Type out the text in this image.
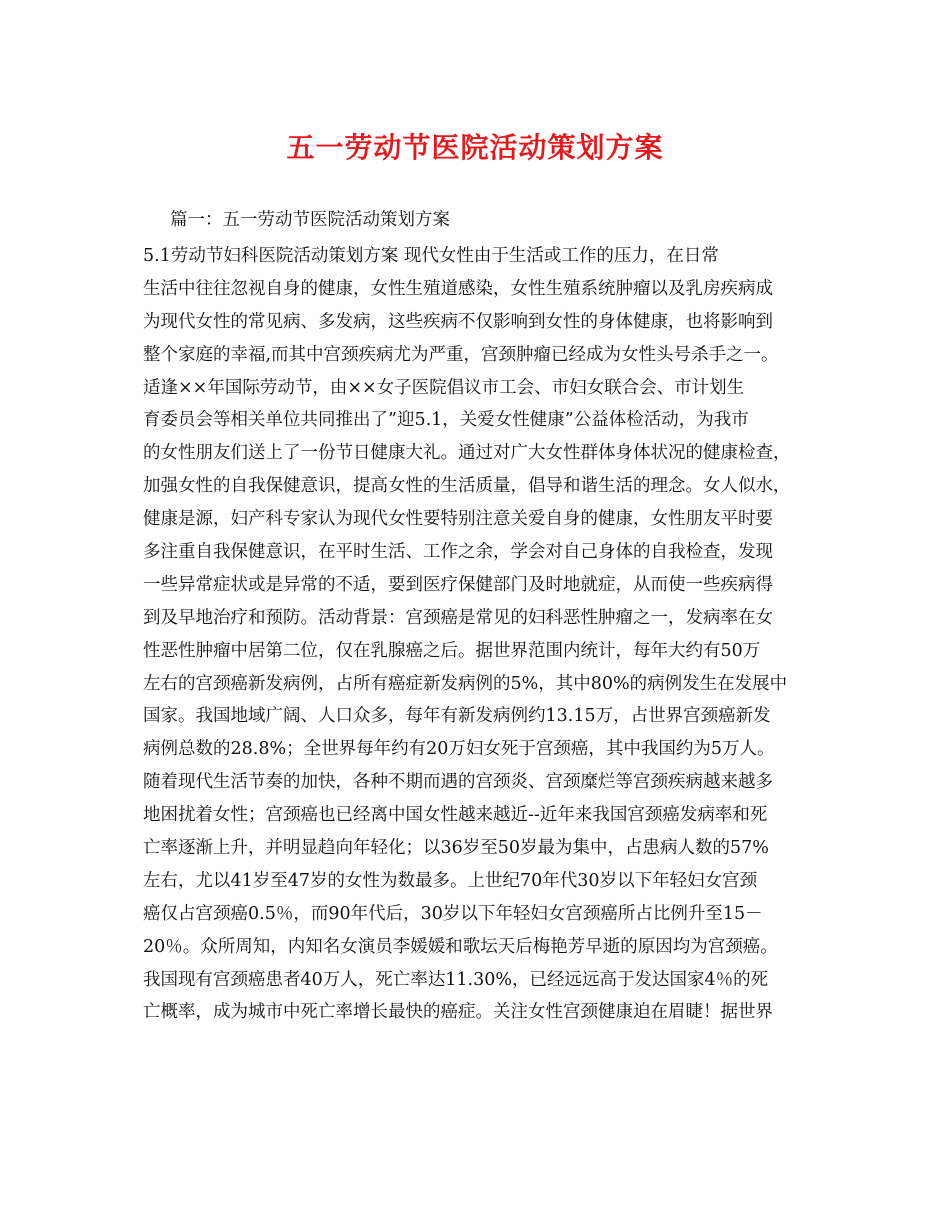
五一劳动节医院活动策划方案
篇一：五一劳动节医院活动策划方案
5.1劳动节妇科医院活动策划方案 现代女性由于生活或工作的压力，在日常
生活中往往忽视自身的健康，女性生殖道感染，女性生殖系统肿瘤以及乳房疾病成
为现代女性的常见病、多发病，这些疾病不仅影响到女性的身体健康，也将影响到
整个家庭的幸福,而其中宫颈疾病尤为严重，宫颈肿瘤已经成为女性头号杀手之一。
适逢××年国际劳动节，由××女子医院倡议市工会、市妇女联合会、市计划生
育委员会等相关单位共同推出了”迎5.1，关爱女性健康”公益体检活动，为我市
的女性朋友们送上了一份节日健康大礼。通过对广大女性群体身体状况的健康检查，
加强女性的自我保健意识，提高女性的生活质量，倡导和谐生活的理念。女人似水，
健康是源，妇产科专家认为现代女性要特别注意关爱自身的健康，女性朋友平时要
多注重自我保健意识，在平时生活、工作之余，学会对自己身体的自我检查，发现
一些异常症状或是异常的不适，要到医疗保健部门及时地就症，从而使一些疾病得
到及早地治疗和预防。活动背景：宫颈癌是常见的妇科恶性肿瘤之一，发病率在女
性恶性肿瘤中居第二位，仅在乳腺癌之后。据世界范围内统计，每年大约有50万
左右的宫颈癌新发病例，占所有癌症新发病例的5%，其中80%的病例发生在发展中
国家。我国地域广阔、人口众多，每年有新发病例约13.15万，占世界宫颈癌新发
病例总数的28.8%；全世界每年约有20万妇女死于宫颈癌，其中我国约为5万人。
随着现代生活节奏的加快，各种不期而遇的宫颈炎、宫颈糜烂等宫颈疾病越来越多
地困扰着女性；宫颈癌也已经离中国女性越来越近--近年来我国宫颈癌发病率和死
亡率逐渐上升，并明显趋向年轻化；以36岁至50岁最为集中，占患病人数的57%
左右，尤以41岁至47岁的女性为数最多。上世纪70年代30岁以下年轻妇女宫颈
癌仅占宫颈癌0.5％，而90年代后，30岁以下年轻妇女宫颈癌所占比例升至15－
20％。众所周知，内知名女演员李媛媛和歌坛天后梅艳芳早逝的原因均为宫颈癌。
我国现有宫颈癌患者40万人，死亡率达11.30%，已经远远高于发达国家4％的死
亡概率，成为城市中死亡率增长最快的癌症。关注女性宫颈健康迫在眉睫！据世界
